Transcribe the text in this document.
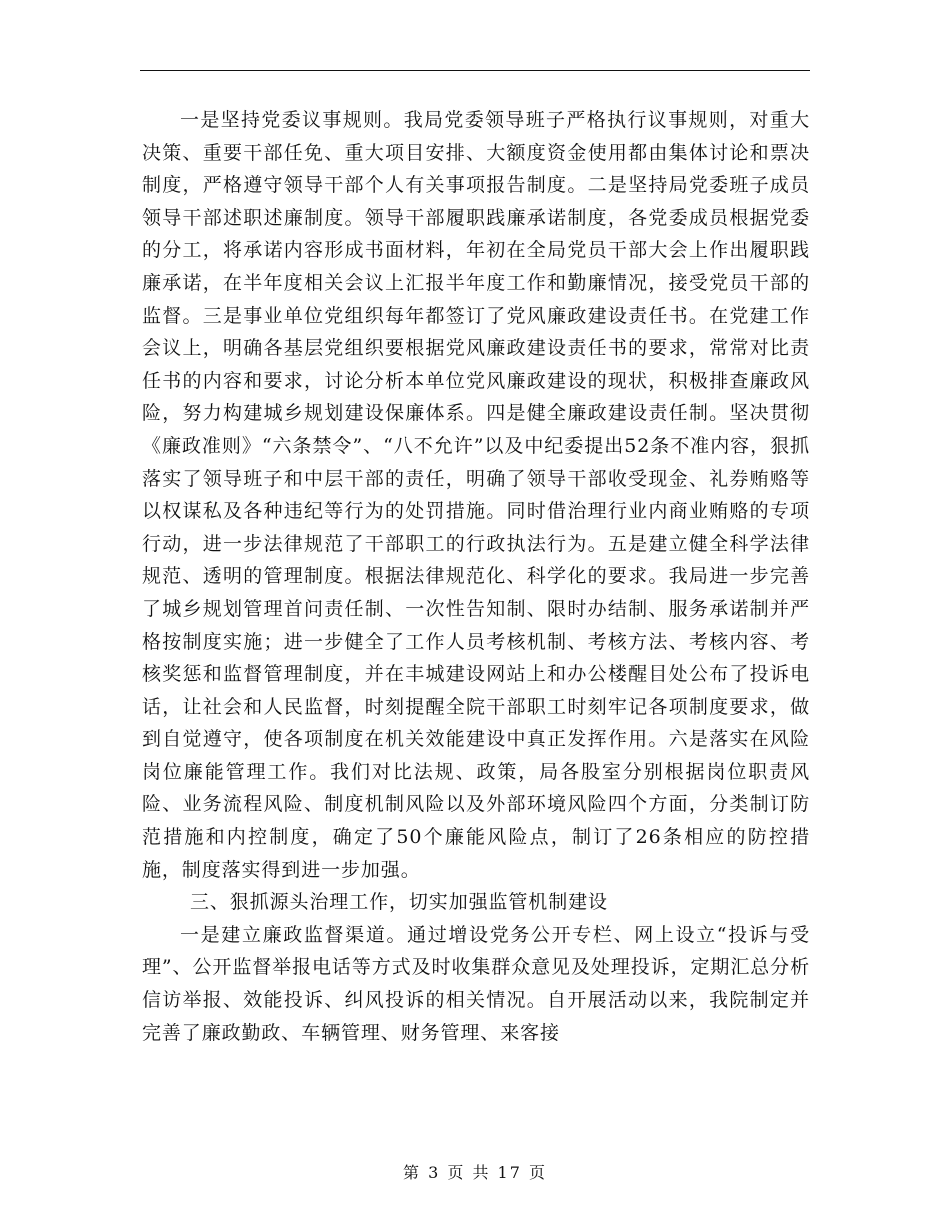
一是坚持党委议事规则。我局党委领导班子严格执行议事规则，对重大决策、重要干部任免、重大项目安排、大额度资金使用都由集体讨论和票决制度，严格遵守领导干部个人有关事项报告制度。二是坚持局党委班子成员领导干部述职述廉制度。领导干部履职践廉承诺制度，各党委成员根据党委的分工，将承诺内容形成书面材料，年初在全局党员干部大会上作出履职践廉承诺，在半年度相关会议上汇报半年度工作和勤廉情况，接受党员干部的监督。三是事业单位党组织每年都签订了党风廉政建设责任书。在党建工作会议上，明确各基层党组织要根据党风廉政建设责任书的要求，常常对比责任书的内容和要求，讨论分析本单位党风廉政建设的现状，积极排查廉政风险，努力构建城乡规划建设保廉体系。四是健全廉政建设责任制。坚决贯彻《廉政准则》“六条禁令”、“八不允许”以及中纪委提出52条不准内容，狠抓落实了领导班子和中层干部的责任，明确了领导干部收受现金、礼券贿赂等以权谋私及各种违纪等行为的处罚措施。同时借治理行业内商业贿赂的专项行动，进一步法律规范了干部职工的行政执法行为。五是建立健全科学法律规范、透明的管理制度。根据法律规范化、科学化的要求。我局进一步完善了城乡规划管理首问责任制、一次性告知制、限时办结制、服务承诺制并严格按制度实施；进一步健全了工作人员考核机制、考核方法、考核内容、考核奖惩和监督管理制度，并在丰城建设网站上和办公楼醒目处公布了投诉电话，让社会和人民监督，时刻提醒全院干部职工时刻牢记各项制度要求，做到自觉遵守，使各项制度在机关效能建设中真正发挥作用。六是落实在风险岗位廉能管理工作。我们对比法规、政策，局各股室分别根据岗位职责风险、业务流程风险、制度机制风险以及外部环境风险四个方面，分类制订防范措施和内控制度，确定了50个廉能风险点，制订了26条相应的防控措施，制度落实得到进一步加强。

三、狠抓源头治理工作，切实加强监管机制建设

一是建立廉政监督渠道。通过增设党务公开专栏、网上设立“投诉与受理”、公开监督举报电话等方式及时收集群众意见及处理投诉，定期汇总分析信访举报、效能投诉、纠风投诉的相关情况。自开展活动以来，我院制定并完善了廉政勤政、车辆管理、财务管理、来客接

第 3 页 共 17 页
